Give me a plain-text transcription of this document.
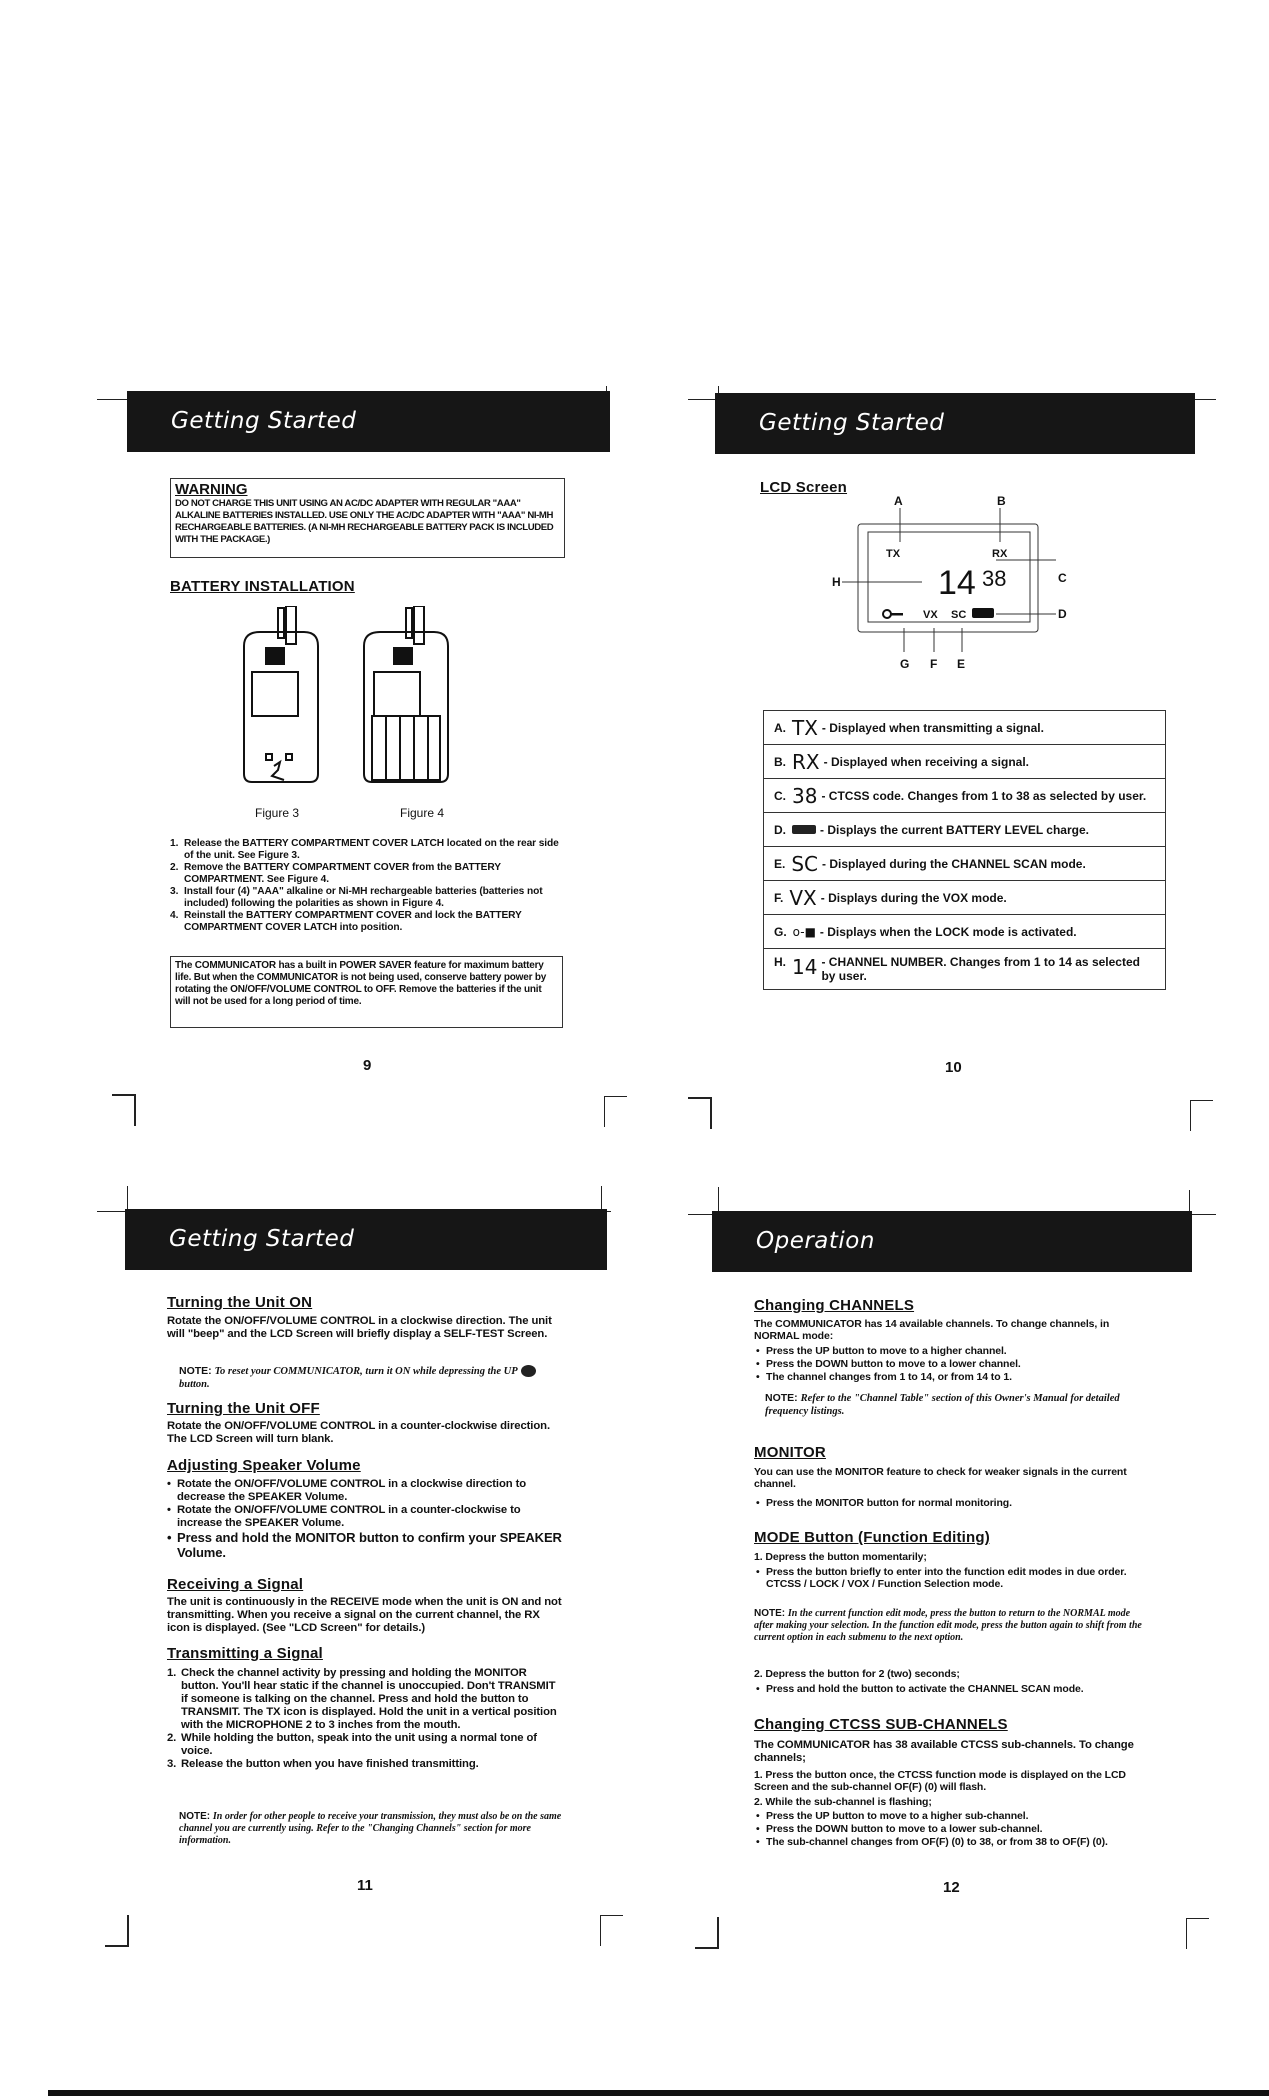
Getting Started
WARNING
DO NOT CHARGE THIS UNIT USING AN AC/DC ADAPTER WITH REGULAR "AAA" ALKALINE BATTERIES INSTALLED. USE ONLY THE AC/DC ADAPTER WITH "AAA" NI-MH RECHARGEABLE BATTERIES. (A NI-MH RECHARGEABLE BATTERY PACK IS INCLUDED WITH THE PACKAGE.)
BATTERY INSTALLATION
Figure 3	Figure 4
1. Release the BATTERY COMPARTMENT COVER LATCH located on the rear side of the unit. See Figure 3.
2. Remove the BATTERY COMPARTMENT COVER from the BATTERY COMPARTMENT. See Figure 4.
3. Install four (4) "AAA" alkaline or Ni-MH rechargeable batteries (batteries not included) following the polarities as shown in Figure 4.
4. Reinstall the BATTERY COMPARTMENT COVER and lock the BATTERY COMPARTMENT COVER LATCH into position.
The COMMUNICATOR has a built in POWER SAVER feature for maximum battery life. But when the COMMUNICATOR is not being used, conserve battery power by rotating the ON/OFF/VOLUME CONTROL to OFF. Remove the batteries if the unit will not be used for a long period of time.
9
Getting Started
LCD Screen
A	B
C
D
E
F
G
H
TX	RX
14 38
VX SC
A. TX - Displayed when transmitting a signal.
B. RX - Displayed when receiving a signal.
C. 38 - CTCSS code. Changes from 1 to 38 as selected by user.
D.	- Displays the current BATTERY LEVEL charge.
E. SC - Displayed during the CHANNEL SCAN mode.
F. VX - Displays during the VOX mode.
G. o-■ - Displays when the LOCK mode is activated.
H. 14 - CHANNEL NUMBER. Changes from 1 to 14 as selected by user.
10
Getting Started
Turning the Unit ON
Rotate the ON/OFF/VOLUME CONTROL in a clockwise direction. The unit will "beep" and the LCD Screen will briefly display a SELF-TEST Screen.
NOTE: To reset your COMMUNICATOR, turn it ON while depressing the UP  button.
Turning the Unit OFF
Rotate the ON/OFF/VOLUME CONTROL in a counter-clockwise direction. The LCD Screen will turn blank.
Adjusting Speaker Volume
• Rotate the ON/OFF/VOLUME CONTROL in a clockwise direction to decrease the SPEAKER Volume.
• Rotate the ON/OFF/VOLUME CONTROL in a counter-clockwise to increase the SPEAKER Volume.
• Press and hold the MONITOR button to confirm your SPEAKER Volume.
Receiving a Signal
The unit is continuously in the RECEIVE mode when the unit is ON and not transmitting. When you receive a signal on the current channel, the RX icon is displayed. (See "LCD Screen" for details.)
Transmitting a Signal
1. Check the channel activity by pressing and holding the MONITOR button. You'll hear static if the channel is unoccupied. Don't TRANSMIT if someone is talking on the channel. Press and hold the button to TRANSMIT. The TX icon is displayed. Hold the unit in a vertical position with the MICROPHONE 2 to 3 inches from the mouth.
2. While holding the button, speak into the unit using a normal tone of voice.
3. Release the button when you have finished transmitting.
NOTE: In order for other people to receive your transmission, they must also be on the same channel you are currently using. Refer to the "Changing Channels" section for more information.
11
Operation
Changing CHANNELS
The COMMUNICATOR has 14 available channels. To change channels, in NORMAL mode:
• Press the UP button to move to a higher channel.
• Press the DOWN button to move to a lower channel.
• The channel changes from 1 to 14, or from 14 to 1.
NOTE: Refer to the "Channel Table" section of this Owner's Manual for detailed frequency listings.
MONITOR
You can use the MONITOR feature to check for weaker signals in the current channel.
• Press the MONITOR button for normal monitoring.
MODE Button (Function Editing)
1. Depress the button momentarily;
• Press the button briefly to enter into the function edit modes in due order. CTCSS / LOCK / VOX / Function Selection mode.
NOTE: In the current function edit mode, press the button to return to the NORMAL mode after making your selection. In the function edit mode, press the button again to shift from the current option in each submenu to the next option.
2. Depress the button for 2 (two) seconds;
• Press and hold the button to activate the CHANNEL SCAN mode.
Changing CTCSS SUB-CHANNELS
The COMMUNICATOR has 38 available CTCSS sub-channels. To change channels;
1. Press the button once, the CTCSS function mode is displayed on the LCD Screen and the sub-channel OF(F) (0) will flash.
2. While the sub-channel is flashing;
• Press the UP button to move to a higher sub-channel.
• Press the DOWN button to move to a lower sub-channel.
• The sub-channel changes from OF(F) (0) to 38, or from 38 to OF(F) (0).
12
